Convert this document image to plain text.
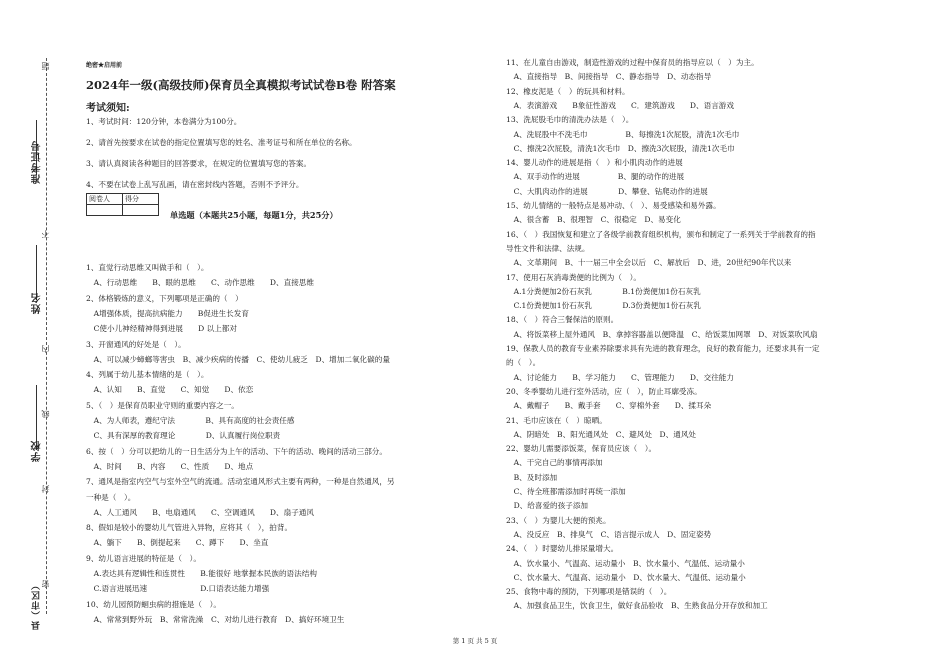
准考证号
姓名
学校
县（市区）
题
不
内
线
封
密
绝密★启用前
2024年一级(高级技师)保育员全真模拟考试试卷B卷 附答案
考试须知:
1、考试时间：120分钟，本卷满分为100分。
2、请首先按要求在试卷的指定位置填写您的姓名、准考证号和所在单位的名称。
3、请认真阅读各种题目的回答要求，在规定的位置填写您的答案。
4、不要在试卷上乱写乱画，请在密封线内答题，否则不予评分。
阅卷人	得分

单选题（本题共25小题，每题1分，共25分）
1、直觉行动思维又叫做手和（　）。
　A、行动思维　　B、眼的思维　　C、动作思维　　D、直接思维
2、体格锻炼的意义，下列哪项是正确的（　）
　A增强体质，提高抗病能力　　B促进生长发育
　C使小儿神经精神得到进展　　D 以上都对
3、开窗通风的好处是（　）。
　A、可以减少蟑螂等害虫　B、减少疾病的传播　C、使幼儿疲乏　D、增加二氧化碳的量
4、列属于幼儿基本情绪的是（　）。
　A、认知　　B、直觉　　C、知觉　　D、依恋
5、（　）是保育员职业守则的重要内容之一。
　A、为人师表，遵纪守法　　　　B、具有高度的社会责任感
　C、具有深厚的教育理论　　　　D、认真履行岗位职责
6、按（　）分可以把幼儿的一日生活分为上午的活动、下午的活动、晚间的活动三部分。
　A、时间　　B、内容　　C、性质　　D、地点
7、通风是指室内空气与室外空气的流通。活动室通风形式主要有两种，一种是自然通风，另
一种是（　）。
　A、人工通风　　B、电扇通风　　C、空调通风　　D、扇子通风
8、假如是较小的婴幼儿气管进入异物，应将其（　），拍背。
　A、躺下　　B、倒提起来　　C、蹲下　　D、坐直
9、幼儿语言进展的特征是（　）。
　A.表达具有逻辑性和连贯性　　B.能很好 地掌握本民族的语法结构
　C.语言进展迅速　　　　　　　D.口语表达能力增强
10、幼儿园预防蛔虫病的措施是（　）。
　A、常常到野外玩　B、常常洗澡　C、对幼儿进行教育　D、搞好环境卫生
11、在儿童自由游戏，制造性游戏的过程中保育员的指导应以（　）为主。
　A、直接指导　B、间接指导　C、静态指导　D、动态指导
12、橡皮泥是（　）的玩具和材料。
　A．表演游戏　　B象征性游戏　　C．建筑游戏　　D、语言游戏
13、洗屁股毛巾的清洗办法是（　）。
　A、洗屁股中不洗毛巾　　　　　B、每擦洗1次屁股，清洗1次毛巾
　C、擦洗2次屁股，清洗1次毛巾　D、擦洗3次屁股，清洗1次毛巾
14、婴儿动作的进展是指（　）和小肌肉动作的进展
　A、双手动作的进展　　　　　B、腿的动作的进展
　C、大肌肉动作的进展　　　　D、攀登、钻爬动作的进展
15、幼儿情绪的一般特点是易冲动、（　）、易受感染和易外露。
　A、很含蓄　B、很理智　C、很稳定　D、易变化
16、（　）我国恢复和建立了各级学前教育组织机构，颁布和制定了一系列关于学前教育的指
导性文件和法律、法规。
　A、文革期间　B、十一届三中全会以后　C、解放后　D、进，20世纪90年代以来
17、使用石灰消毒粪便的比例为（　）。
　A.1分粪便加2份石灰乳　　　　B.1份粪便加1份石灰乳
　C.1份粪便加1份石灰乳　　　　D.3份粪便加1份石灰乳
18、（　）符合三餐保洁的原则。
　A、将饭菜移上屋外通风　B、拿掉容器盖以便降温　C、给饭菜加网罩　D、对饭菜吹风扇
19、保教人员的教育专业素养除要求具有先进的教育理念，良好的教育能力，还要求具有一定
的（　）。
　A、讨论能力　　B、学习能力　　C、管理能力　　D、交往能力
20、冬季婴幼儿进行室外活动，应（　），防止耳廓受冻。
　A、戴帽子　　B、戴手套　　C、穿棉外套　　D、揉耳朵
21、毛巾应该在（　）晾晒。
　A、阴暗处　B、阳光通风处　C、避风处　D、通风处
22、婴幼儿需要添饭菜，保育员应该（　）。
　A、干完自己的事情再添加
　B、及时添加
　C、待全班都需添加时再统一添加
　D、给喜爱的孩子添加
23、（　）为婴儿大便的预兆。
　A、没反应　B、排臭气　C、语言提示成人　D、固定姿势
24、（　）时婴幼儿排尿量增大。
　A、饮水量小、气温高、运动量小　B、饮水量小、气温低、运动量小
　C、饮水量大、气温高、运动量小　D、饮水量大、气温低、运动量小
25、食物中毒的预防，下列哪项是错误的（　）。
　A、加强食品卫生，饮食卫生，做好食品验收　B、生熟食品分开存放和加工
第 1 页 共 5 页
